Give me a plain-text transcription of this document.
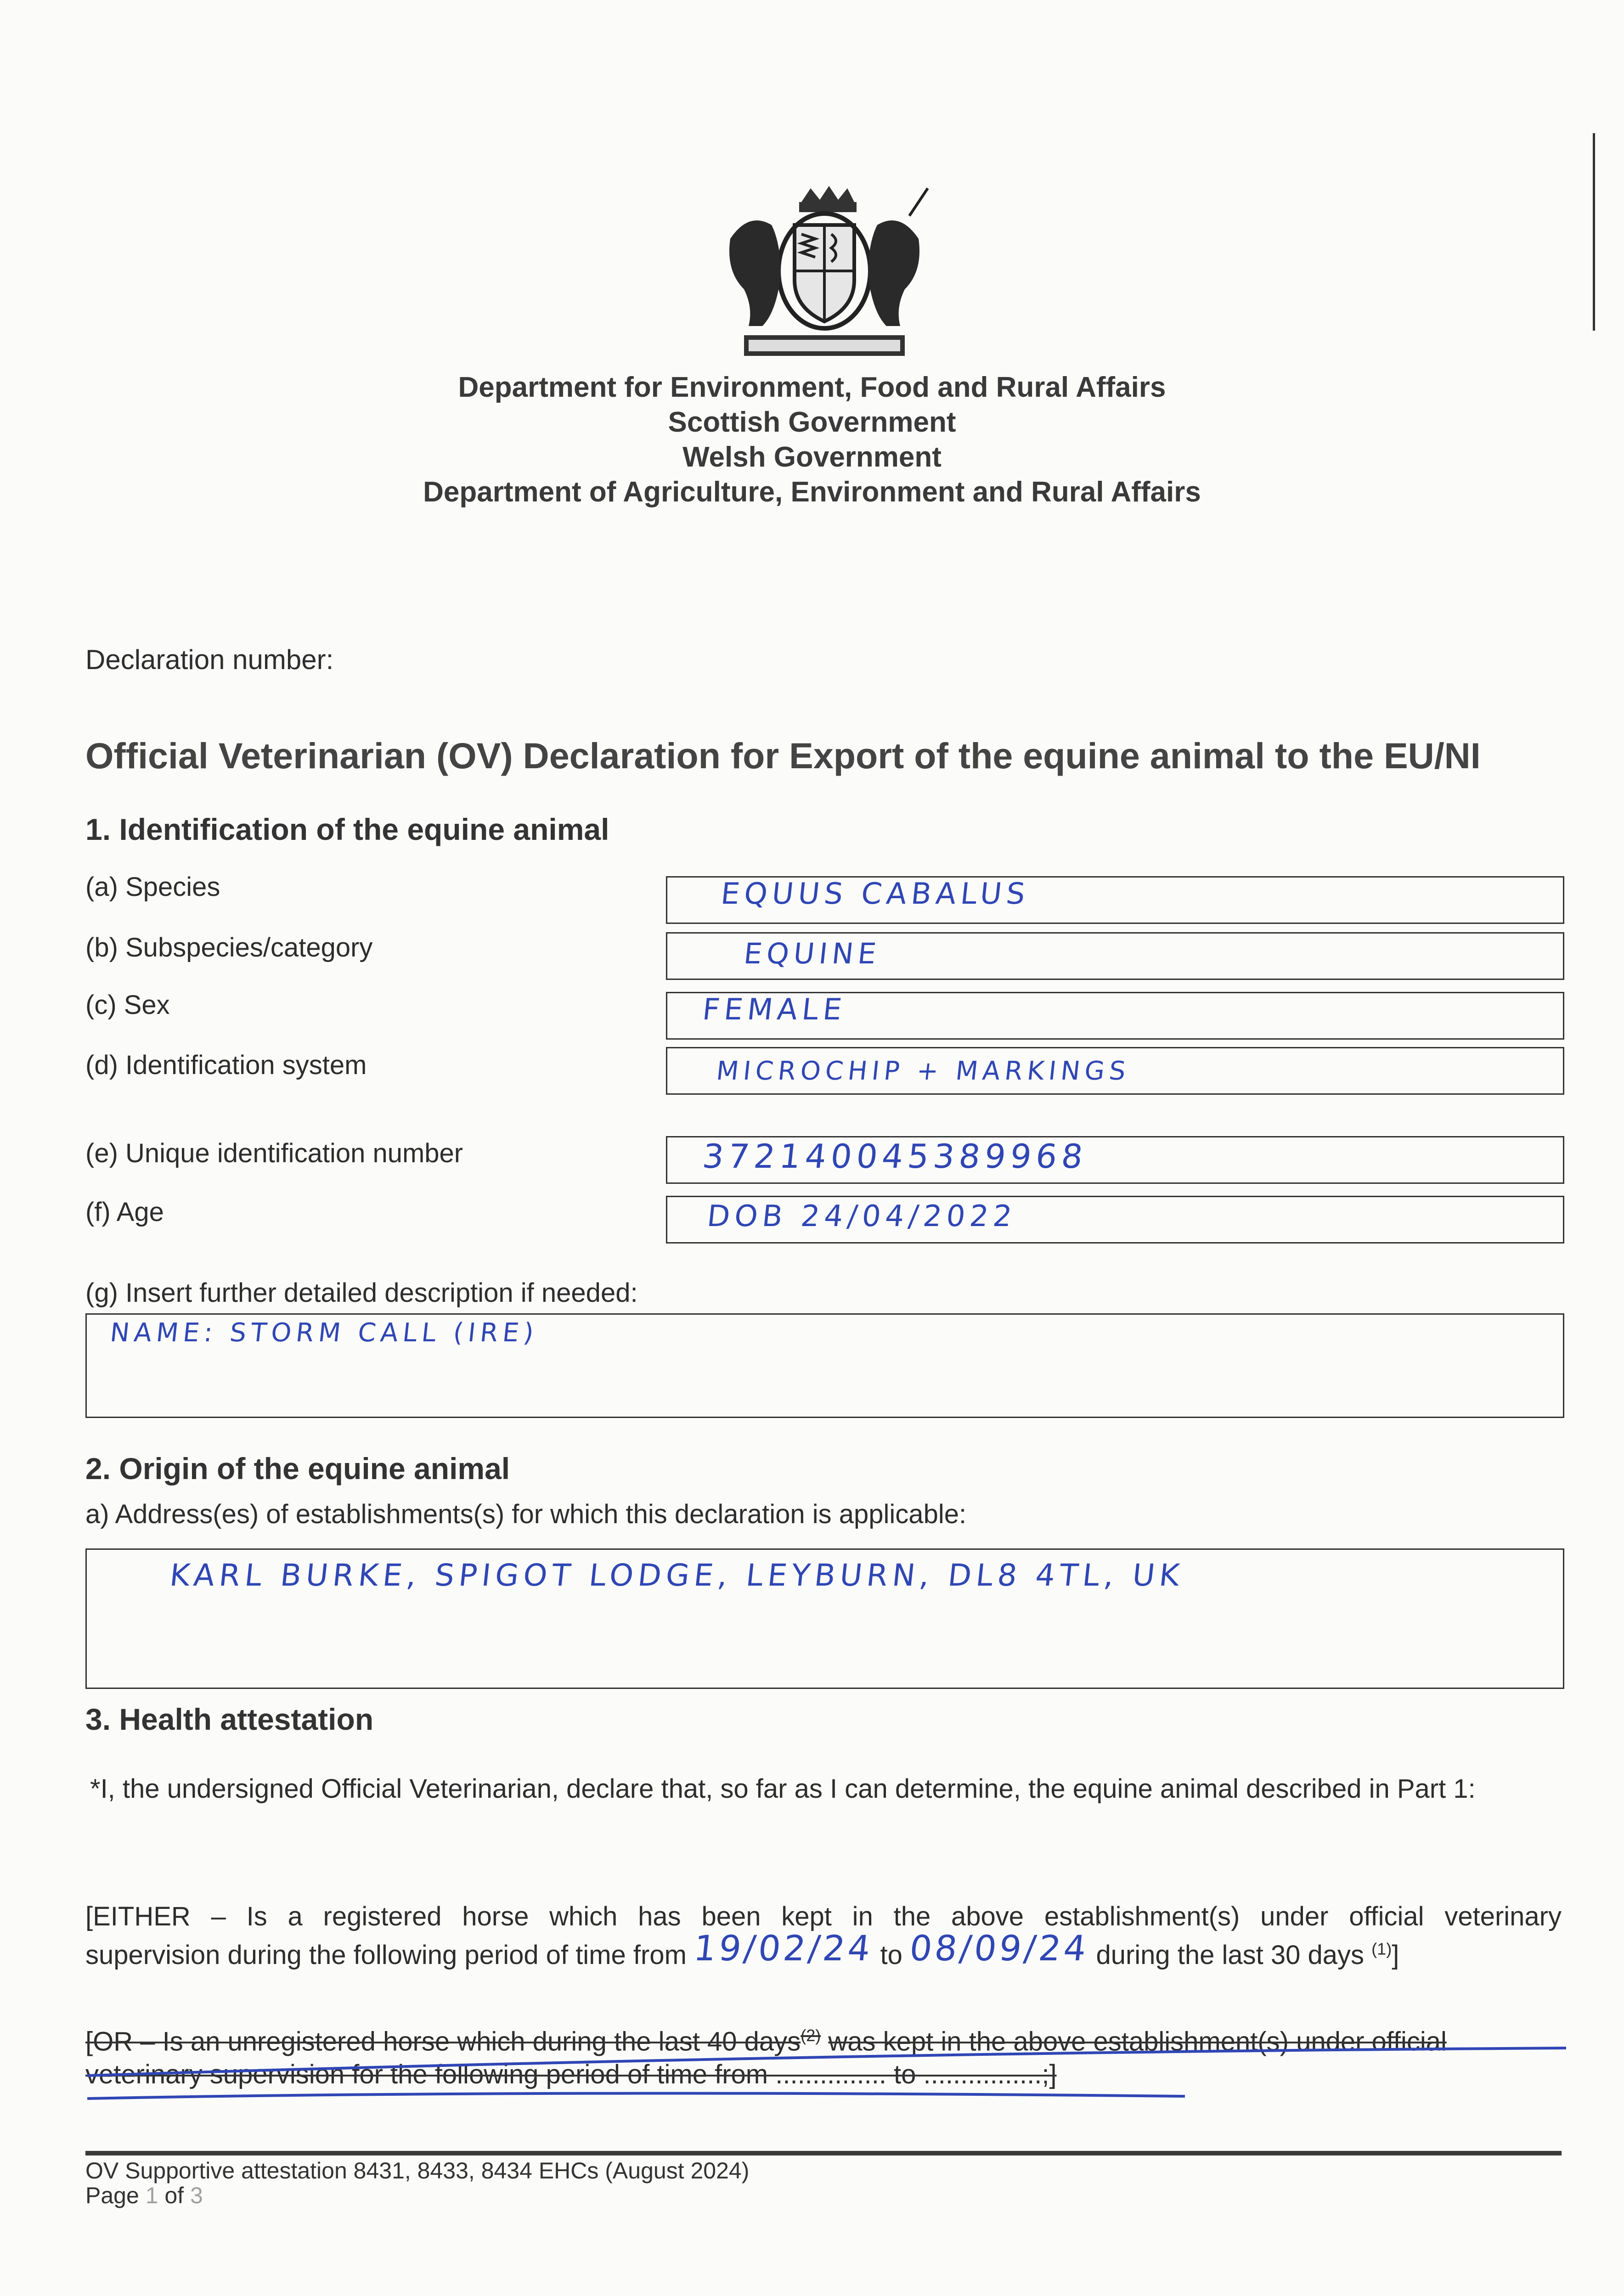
Department for Environment, Food and Rural Affairs
Scottish Government
Welsh Government
Department of Agriculture, Environment and Rural Affairs
Declaration number:
Official Veterinarian (OV) Declaration for Export of the equine animal to the EU/NI
1. Identification of the equine animal
(a) Species	EQUUS CABALUS
(b) Subspecies/category	EQUINE
(c) Sex	FEMALE
(d) Identification system	MICROCHIP + MARKINGS
(e) Unique identification number	372140045389968
(f) Age	DOB 24/04/2022
(g) Insert further detailed description if needed:
NAME: STORM CALL (IRE)
2. Origin of the equine animal
a) Address(es) of establishments(s) for which this declaration is applicable:
KARL BURKE, SPIGOT LODGE, LEYBURN, DL8 4TL, UK
3. Health attestation
*I, the undersigned Official Veterinarian, declare that, so far as I can determine, the equine animal described in Part 1:
[EITHER – Is a registered horse which has been kept in the above establishment(s) under official veterinary
supervision during the following period of time from 19/02/24 to 08/09/24 during the last 30 days $^{(1)}$]
[OR – Is an unregistered horse which during the last 40 days$^{(2)}$ was kept in the above establishment(s) under official
veterinary supervision for the following period of time from ............... to ................;]
OV Supportive attestation 8431, 8433, 8434 EHCs (August 2024)
Page 1 of 3
